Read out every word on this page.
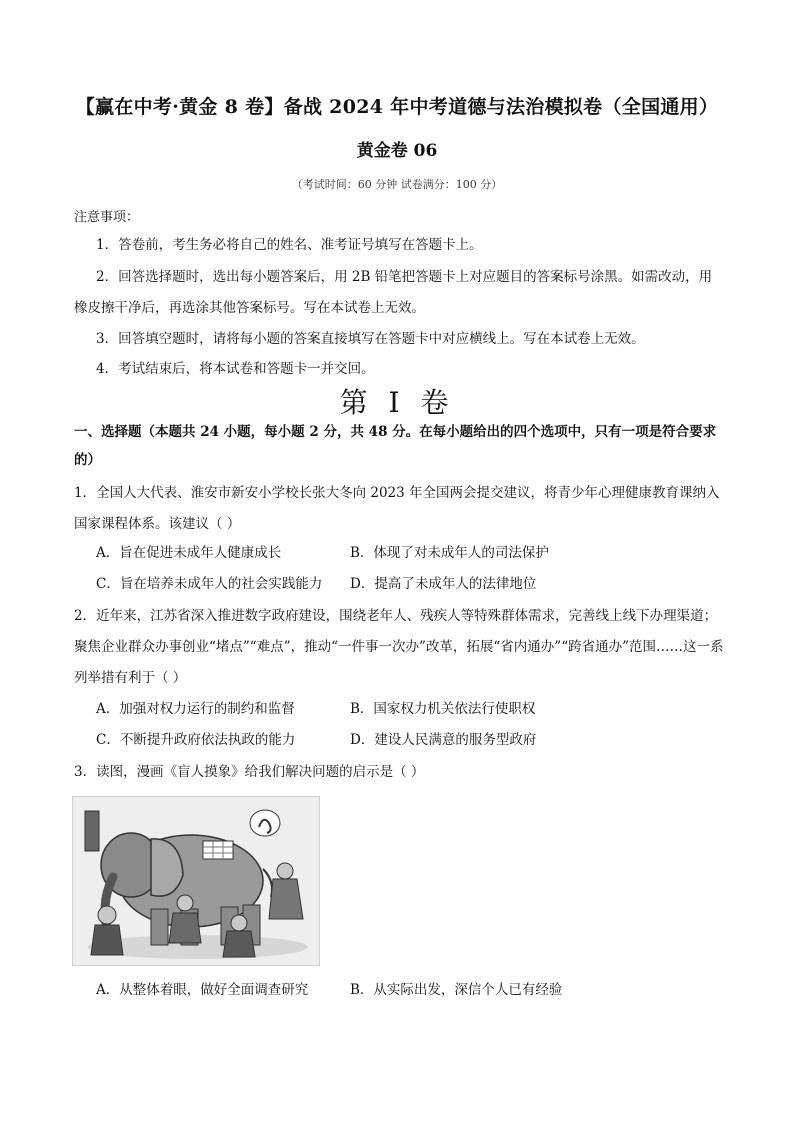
【赢在中考·黄金 8 卷】备战 2024 年中考道德与法治模拟卷（全国通用）
黄金卷 06
（考试时间：60 分钟 试卷满分：100 分）
注意事项：
1．答卷前，考生务必将自己的姓名、准考证号填写在答题卡上。
2．回答选择题时，选出每小题答案后，用 2B 铅笔把答题卡上对应题目的答案标号涂黑。如需改动，用橡皮擦干净后，再选涂其他答案标号。写在本试卷上无效。
3．回答填空题时，请将每小题的答案直接填写在答题卡中对应横线上。写在本试卷上无效。
4．考试结束后，将本试卷和答题卡一并交回。
第 I 卷
一、选择题（本题共 24 小题，每小题 2 分，共 48 分。在每小题给出的四个选项中，只有一项是符合要求的）
1．全国人大代表、淮安市新安小学校长张大冬向 2023 年全国两会提交建议，将青少年心理健康教育课纳入国家课程体系。该建议（ ）
A．旨在促进未成年人健康成长	B．体现了对未成年人的司法保护
C．旨在培养未成年人的社会实践能力 D．提高了未成年人的法律地位
2．近年来，江苏省深入推进数字政府建设，围绕老年人、残疾人等特殊群体需求，完善线上线下办理渠道；聚焦企业群众办事创业“堵点”“难点”，推动“一件事一次办”改革，拓展“省内通办”“跨省通办”范围……这一系列举措有利于（ ）
A．加强对权力运行的制约和监督	B．国家权力机关依法行使职权
C．不断提升政府依法执政的能力	D．建设人民满意的服务型政府
3．读图，漫画《盲人摸象》给我们解决问题的启示是（ ）
A．从整体着眼，做好全面调查研究	B．从实际出发，深信个人已有经验
